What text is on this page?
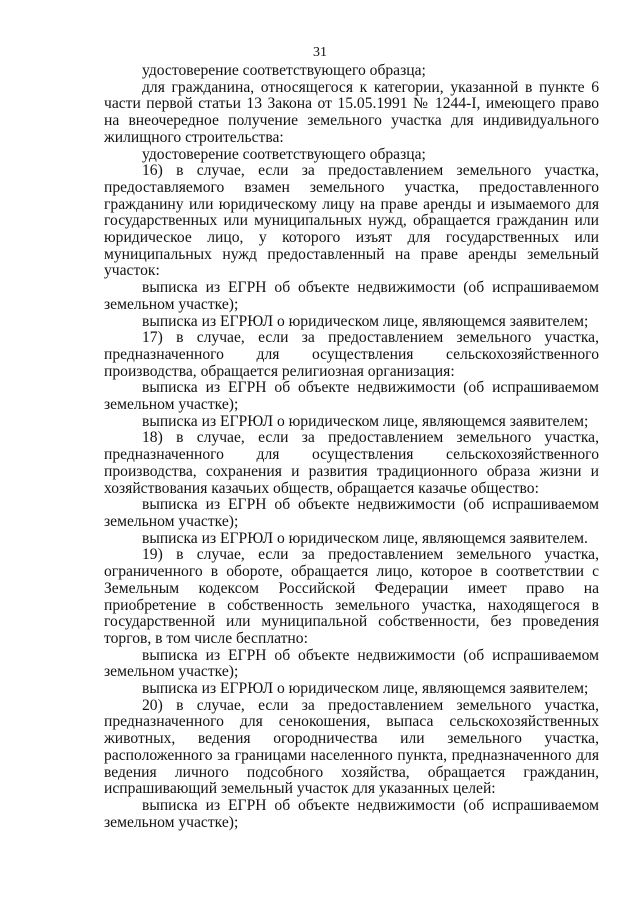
31

удостоверение соответствующего образца;

для гражданина, относящегося к категории, указанной в пункте 6 части первой статьи 13 Закона от 15.05.1991 № 1244-I, имеющего право на внеочередное получение земельного участка для индивидуального жилищного строительства:

удостоверение соответствующего образца;

16) в случае, если за предоставлением земельного участка, предоставляемого взамен земельного участка, предоставленного гражданину или юридическому лицу на праве аренды и изымаемого для государственных или муниципальных нужд, обращается гражданин или юридическое лицо, у которого изъят для государственных или муниципальных нужд предоставленный на праве аренды земельный участок:

выписка из ЕГРН об объекте недвижимости (об испрашиваемом земельном участке);

выписка из ЕГРЮЛ о юридическом лице, являющемся заявителем;

17) в случае, если за предоставлением земельного участка, предназначенного для осуществления сельскохозяйственного производства, обращается религиозная организация:

выписка из ЕГРН об объекте недвижимости (об испрашиваемом земельном участке);

выписка из ЕГРЮЛ о юридическом лице, являющемся заявителем;

18) в случае, если за предоставлением земельного участка, предназначенного для осуществления сельскохозяйственного производства, сохранения и развития традиционного образа жизни и хозяйствования казачьих обществ, обращается казачье общество:

выписка из ЕГРН об объекте недвижимости (об испрашиваемом земельном участке);

выписка из ЕГРЮЛ о юридическом лице, являющемся заявителем.

19) в случае, если за предоставлением земельного участка, ограниченного в обороте, обращается лицо, которое в соответствии с Земельным кодексом Российской Федерации имеет право на приобретение в собственность земельного участка, находящегося в государственной или муниципальной собственности, без проведения торгов, в том числе бесплатно:

выписка из ЕГРН об объекте недвижимости (об испрашиваемом земельном участке);

выписка из ЕГРЮЛ о юридическом лице, являющемся заявителем;

20) в случае, если за предоставлением земельного участка, предназначенного для сенокошения, выпаса сельскохозяйственных животных, ведения огородничества или земельного участка, расположенного за границами населенного пункта, предназначенного для ведения личного подсобного хозяйства, обращается гражданин, испрашивающий земельный участок для указанных целей:

выписка из ЕГРН об объекте недвижимости (об испрашиваемом земельном участке);
